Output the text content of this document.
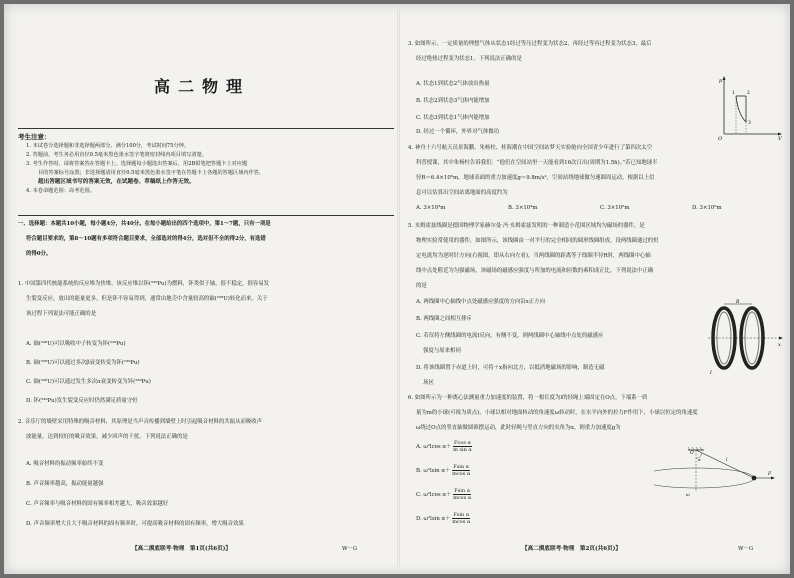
高二物理
考生注意：

1. 本试卷分选择题和非选择题两部分。满分100分，考试时间75分钟。

2. 答题前，考生务必用直径0.5毫米黑色墨水签字笔将密封线内项目填写清楚。

3. 考生作答时，请将答案答在答题卡上。选择题每小题选出答案后，用2B铅笔把答题卡上对应题

目的答案标号涂黑；非选择题请用直径0.5毫米黑色墨水签字笔在答题卡上各题的答题区域内作答，

超出答题区域书写的答案无效，在试题卷、草稿纸上作答无效。

4. 本卷命题范围：高考范围。

一、选择题：本题共10小题，每小题4分，共40分。在每小题给出的四个选项中，第1～7题，只有一项是
符合题目要求的，第8～10题有多项符合题目要求，全部选对的得4分，选对但不全的得2分，有选错
的得0分。
1. 中国第四代核能系统的反应堆为快堆，该反应堆以钚(²³⁹Pu)为燃料，钚类似于铀，很不稳定，很容易发
生裂变反应，放出的能量更多，但是钚不容易得到，通常由地壳中含量较高的铀(²³⁸U)转化而来。关于
该过程下列说法可能正确的是
A. 铀(²³⁸U)可以吸收中子转变为钚(²³⁹Pu)
B. 铀(²³⁸U)可以通过多次β衰变转变为钚(²³⁹Pu)
C. 铀(²³⁸U)可以通过发生多次α衰变转变为钚(²³⁹Pu)
D. 钚(²³⁹Pu)发生裂变反应时仍然满足质量守恒
2. 音乐厅的墙壁采用特殊的吸音材料，其原理是当声音传播到墙壁上时引起吸音材料的共振从而吸收声
波能量，达到较好的吸音效果，减少回声的干扰。下列说法正确的是
A. 吸音材料的振动频率始终不变
B. 声音频率越高，振动能量越强
C. 声音频率与吸音材料的固有频率相差越大，吸音效果越好
D. 声音频率增大且大于吸音材料的固有频率时，可提高吸音材料的固有频率，增大吸音效果
【高二摸底联考·物理　第1页(共6页)】	W－G
3. 如图所示，一定质量的理想气体从状态1经过等压过程变为状态2，再经过等容过程变为状态3，最后
经过绝热过程变为状态1。下列说法正确的是
A. 状态1到状态2气体放出热量
B. 状态2到状态3气体内能增加
C. 状态3到状态1气体内能增加
D. 经过一个循环，外界对气体做功
p
V
O
1	2
3
4. 神舟十六号航天员景海鹏、朱杨柱、桂海潮在中国空间站梦天实验舱向全国青少年进行了第四次太空
科普授课，其中朱杨柱告诉我们：“他们在空间站里一天能看到16次日出(周期为1.5h)。”若已知地球半
径R＝6.4×10⁶m，地球表面的重力加速度g＝9.8m/s²，空间站绕地球做匀速圆周运动，根据以上信
息可以估算出空间站离地面的高度约为
A. 3×10³m	B. 3×10⁴m	C. 3×10⁵m	D. 3×10⁶m
5. 亥姆霍兹线圈是德国物理学家赫尔曼·冯·亥姆霍兹发明的一种制造小范围区域均匀磁场的器件，是
物理实验常使用的器件，如图所示，该线圈由一对平行的完全相同的圆形线圈组成，设两线圈通过的恒
定电流均为逆时针方向(右视图，即从右向左看)，当两线圈的距离等于线圈半径R时，两线圈中心轴
线中点处附近为匀强磁场，该磁场的磁感应强度与所加的电流和匝数的乘积成正比，下列说法中正确
的是
A. 两线圈中心轴线中点处磁感应强度的方向沿x正方向
B. 两线圈之间相互排斥
C. 若仅将左侧线圈的电流I反向，有侧不变，则两线圈中心轴线中点处的磁感应
　 强度与原来相同
D. 将该线圈置于赤道上时，可将＋x指向北方，以抵消地磁场的影响，制造无磁
　 场区
R
x
I
6. 如图所示为一种离心法测量重力加速度的装置，将一根长度为l的轻绳上端固定在O点，下端系一质
量为m的小球(可视为质点)，小球以相对地面转动的角速度ω转动时，在水平向外的拉力F作用下，小球以恒定的角速度
ω绕过O点的竖直轴做圆锥摆运动，此时轻绳与竖直方向的夹角为α，则重力加速度g为
A. ω²lcos $\alpha+ \frac{\text{Fcos α}}{\text{m sin α}}$
B. ω²lsin $\alpha+ \frac{\text{Fsin α}}{\text{mcos α}}$
C. ω²lcos $\alpha+ \frac{\text{Fsin α}}{\text{mcos α}}$
D. ω²lsin $\alpha+ \frac{\text{Fsin α}}{\text{mcos α}}$
α
O
l
ω
F
【高二摸底联考·物理　第2页(共6页)】	W－G
